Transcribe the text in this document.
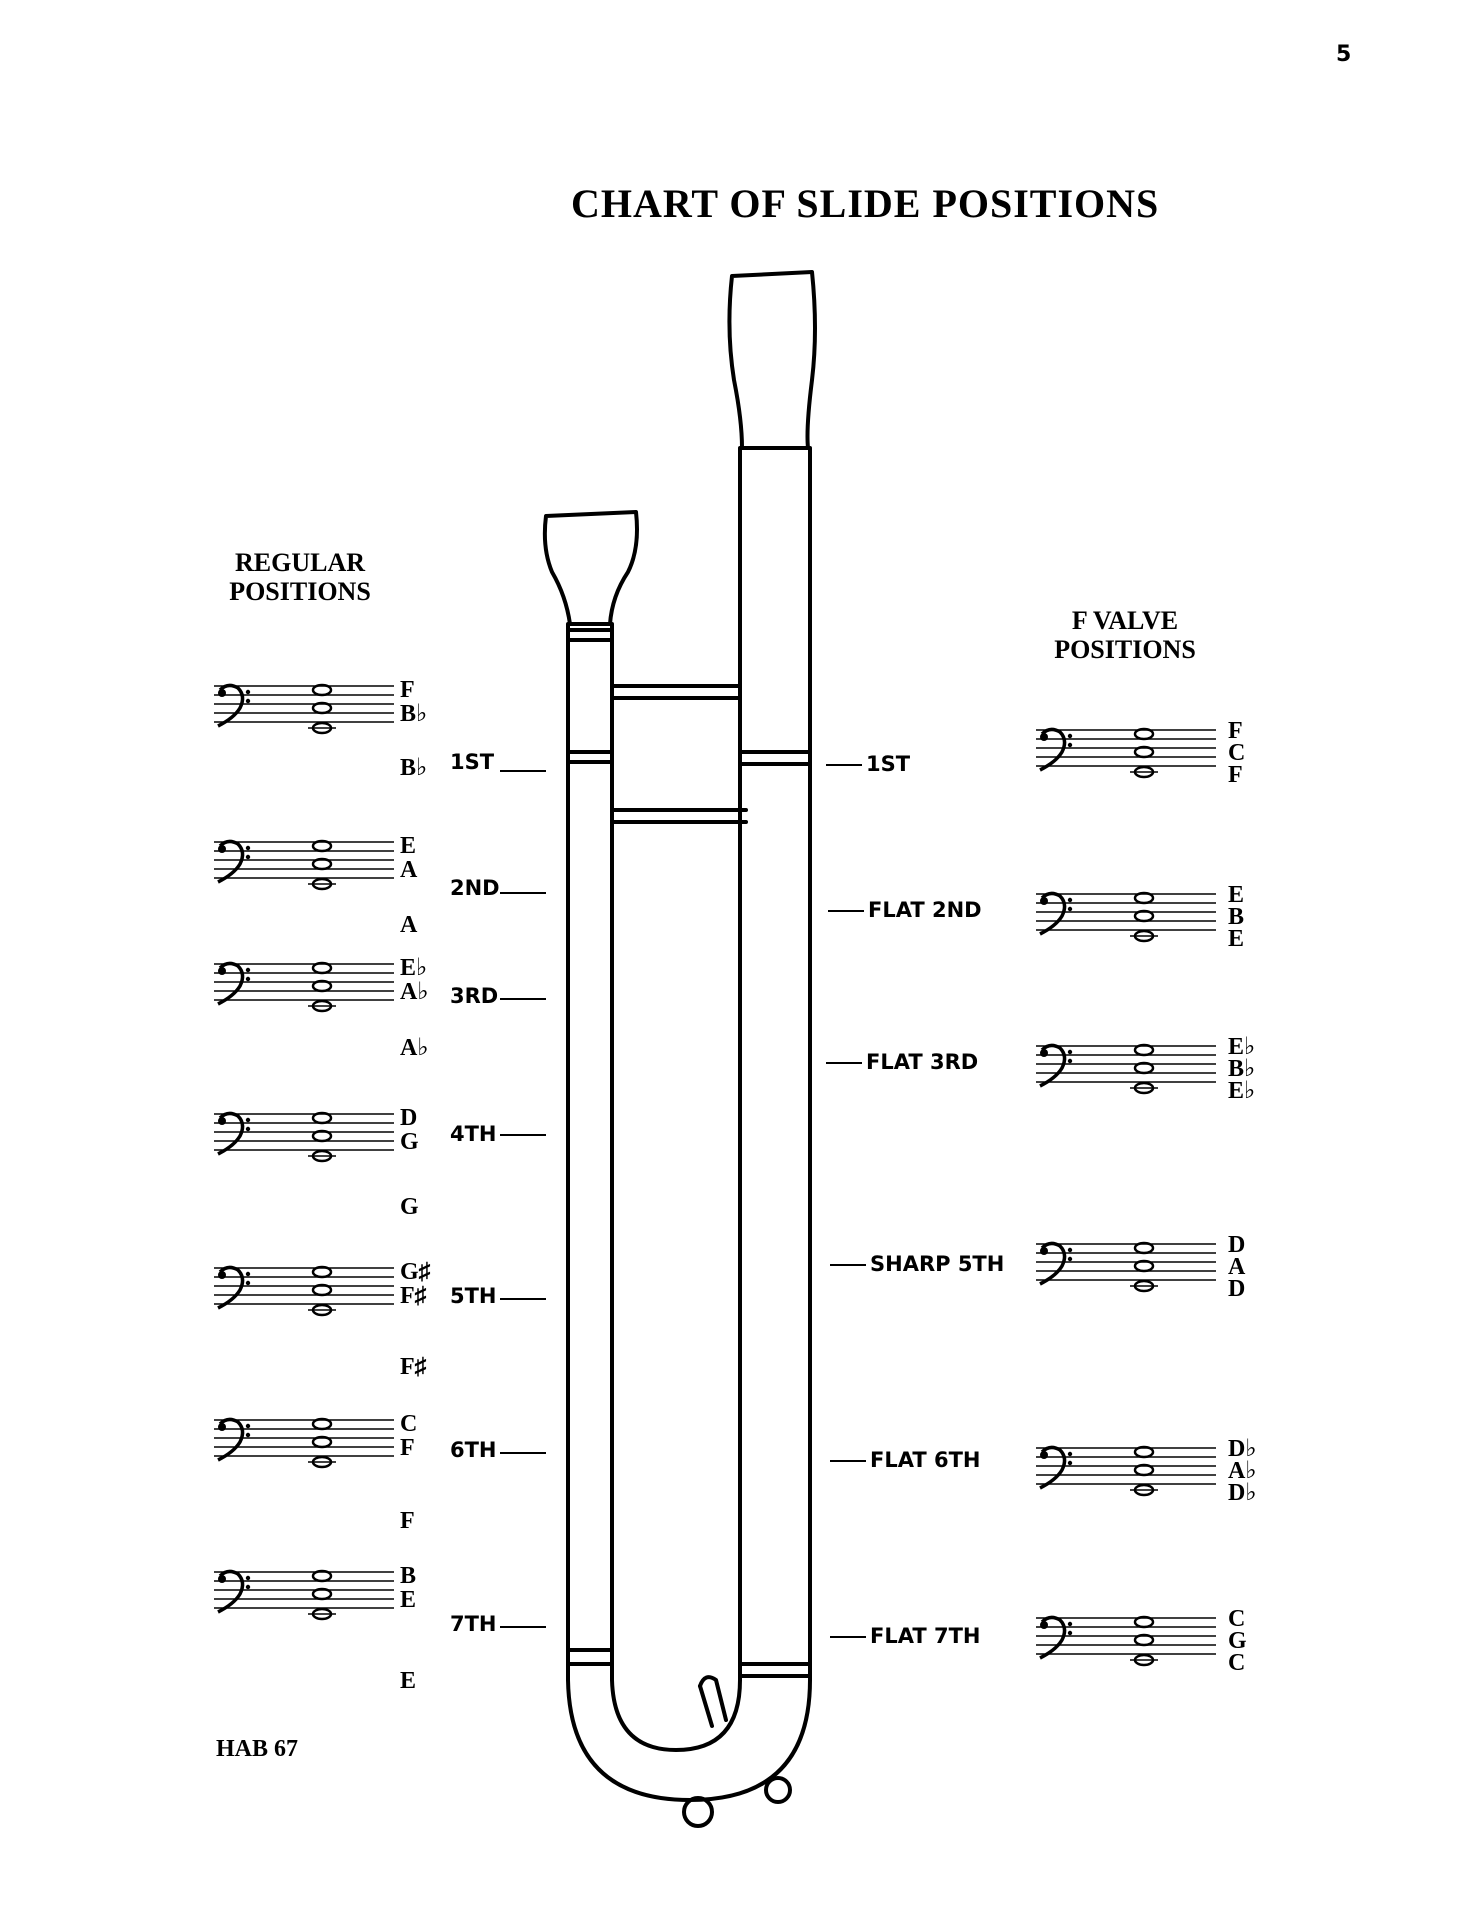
5
CHART OF SLIDE POSITIONS
REGULAR
POSITIONS
F VALVE
POSITIONS
F
B♭
B♭ 1ST
E
A
A
2ND
E♭
A♭
A♭
3RD
D
G
G
4TH
G♯
F♯
F♯
5TH
C
F
F
6TH
B
E
E
7TH
1ST
F
C
F
FLAT 2ND
E
B
E
FLAT 3RD
E♭
B♭
E♭
SHARP 5TH
D
A
D
FLAT 6TH	D♭
A♭
D♭
FLAT 7TH
C
G
C
HAB 67
